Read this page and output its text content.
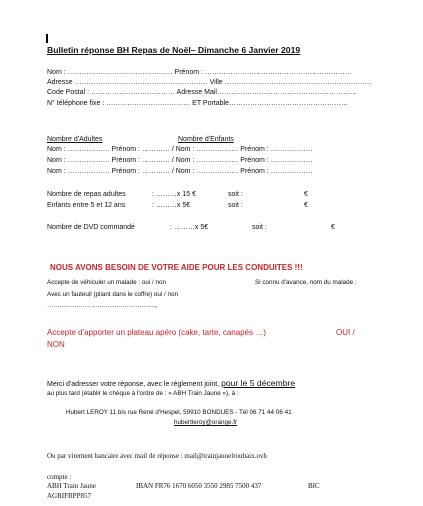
Bulletin réponse BH Repas de Noël– Dimanche 6 Janvier 2019
Nom : ……………………………………… Prénom : ………………………………………………………
Adresse ………………………………………………… Ville ………………………………………………………
Code Postal : ……………………………… Adresse Mail……………………………………………………
N° téléphone fixe : ……………………………… ET Portable……………………………………………
Nombre d'Adultes	Nombre d'Enfants
Nom : ……………… Prénom : ………… / Nom : ……………… Prénom : ………………
Nom : ……………… Prénom : ………… / Nom : ……………… Prénom : ………………
Nom : ……………… Prénom : ………… / Nom : ……………… Prénom : ………………
Nombre de repas adultes	: ………x 15 €	soit :	€
Enfants entre 5 et 12 ans	: ………x 5€	soit :	€
Nombre de DVD commandé	: ………x 5€	soit :	€
NOUS AVONS BESOIN DE VOTRE AIDE POUR LES CONDUITES !!!
Accepte de véhiculer un malade : oui / non	Si connu d'avance, nom du malade :
Avec un fauteuil (pliant dans le coffre) oui / non
……………………………………………,,
Accepte d'apporter un plateau apéro (cake, tarte, canapés …)	OUI /
NON
Merci d'adresser votre réponse, avec le règlement joint, pour le 5 décembre
au plus tard (établir le chèque à l'ordre de : « ABH Train Jaune »), à :
Hubert LEROY 11 bis rue René d'Hespel, 59910 BONDUES - Tél 06 71 44 06 41
hubertleroy@orange.fr
Ou par virement bancaire avec mail de réponse : mail@trainjaunelroubaix.ovh
compte :
ABH Train Jaune	IBAN FR76 1670 6050 3550 2985 7500 437	BIC
AGRIFRPP857
